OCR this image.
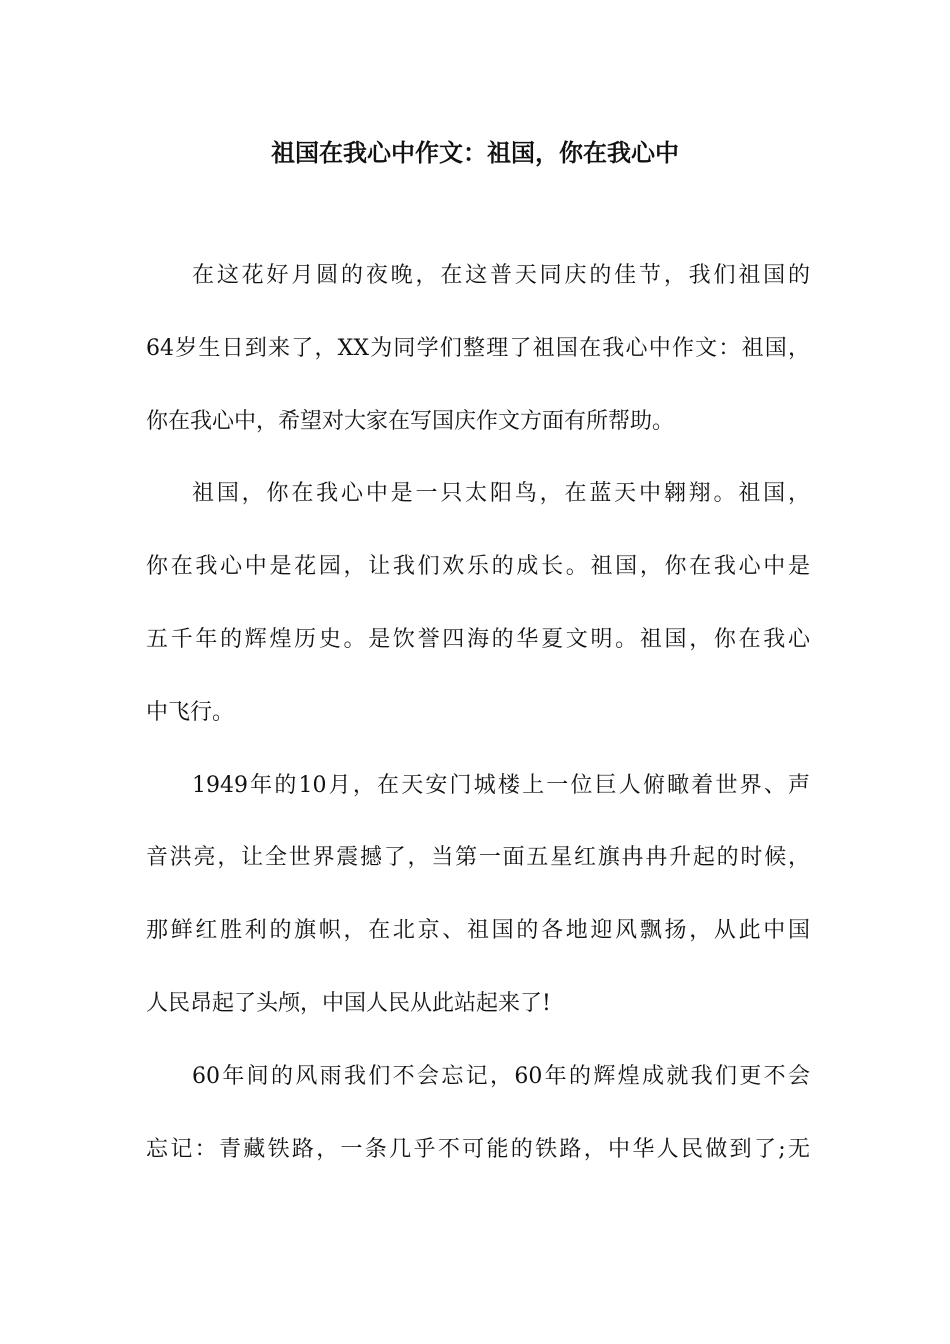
祖国在我心中作文：祖国，你在我心中
在这花好月圆的夜晚，在这普天同庆的佳节，我们祖国的
64岁生日到来了，XX为同学们整理了祖国在我心中作文：祖国，
你在我心中，希望对大家在写国庆作文方面有所帮助。
祖国，你在我心中是一只太阳鸟，在蓝天中翱翔。祖国，
你在我心中是花园，让我们欢乐的成长。祖国，你在我心中是
五千年的辉煌历史。是饮誉四海的华夏文明。祖国，你在我心
中飞行。
1949年的10月，在天安门城楼上一位巨人俯瞰着世界、声
音洪亮，让全世界震撼了，当第一面五星红旗冉冉升起的时候，
那鲜红胜利的旗帜，在北京、祖国的各地迎风飘扬，从此中国
人民昂起了头颅，中国人民从此站起来了!
60年间的风雨我们不会忘记，60年的辉煌成就我们更不会
忘记：青藏铁路，一条几乎不可能的铁路，中华人民做到了;无
